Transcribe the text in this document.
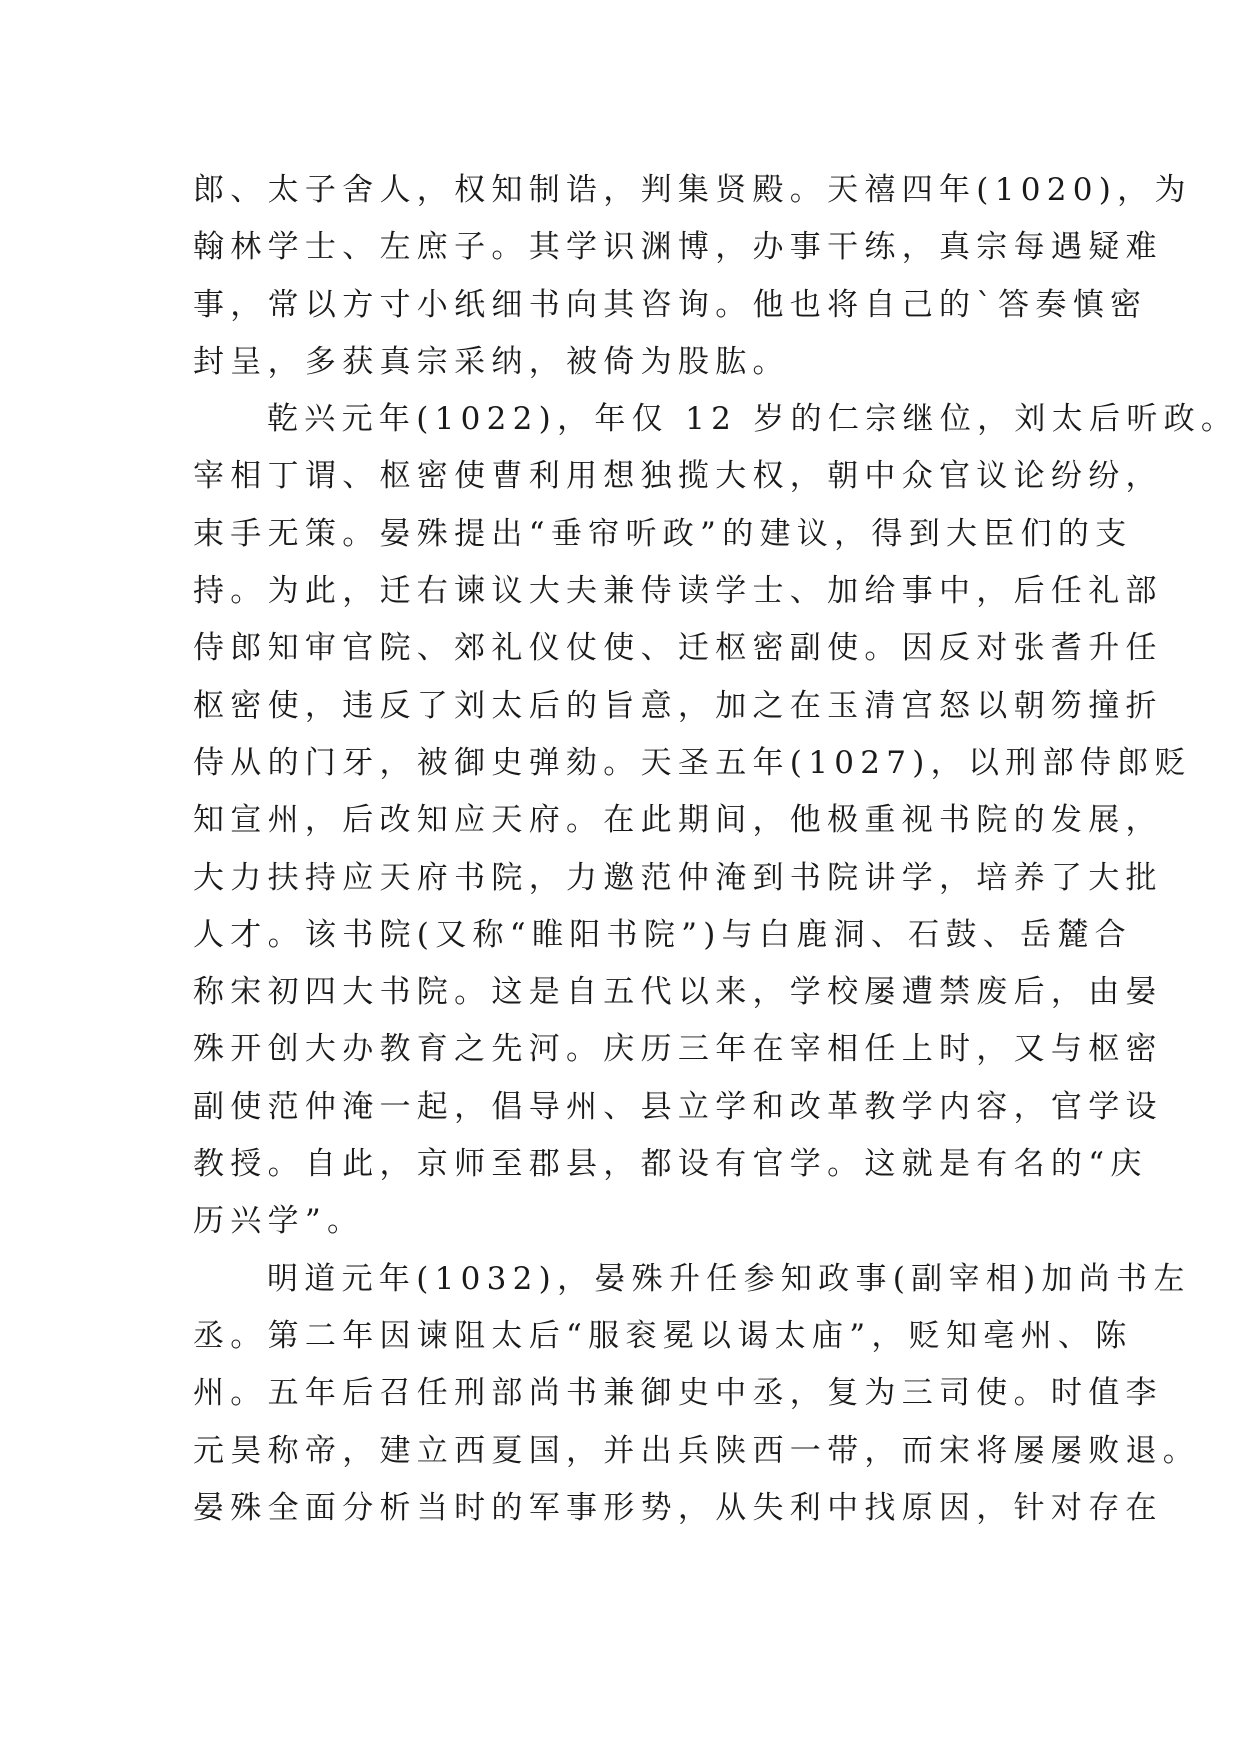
郎、太子舍人，权知制诰，判集贤殿。天禧四年(1020)，为
翰林学士、左庶子。其学识渊博，办事干练，真宗每遇疑难
事，常以方寸小纸细书向其咨询。他也将自己的`答奏慎密
封呈，多获真宗采纳，被倚为股肱。
乾兴元年(1022)，年仅 12 岁的仁宗继位，刘太后听政。
宰相丁谓、枢密使曹利用想独揽大权，朝中众官议论纷纷，
束手无策。晏殊提出“垂帘听政”的建议，得到大臣们的支
持。为此，迁右谏议大夫兼侍读学士、加给事中，后任礼部
侍郎知审官院、郊礼仪仗使、迁枢密副使。因反对张耆升任
枢密使，违反了刘太后的旨意，加之在玉清宫怒以朝笏撞折
侍从的门牙，被御史弹劾。天圣五年(1027)，以刑部侍郎贬
知宣州，后改知应天府。在此期间，他极重视书院的发展，
大力扶持应天府书院，力邀范仲淹到书院讲学，培养了大批
人才。该书院(又称“睢阳书院”)与白鹿洞、石鼓、岳麓合
称宋初四大书院。这是自五代以来，学校屡遭禁废后，由晏
殊开创大办教育之先河。庆历三年在宰相任上时，又与枢密
副使范仲淹一起，倡导州、县立学和改革教学内容，官学设
教授。自此，京师至郡县，都设有官学。这就是有名的“庆
历兴学”。
明道元年(1032)，晏殊升任参知政事(副宰相)加尚书左
丞。第二年因谏阻太后“服衮冕以谒太庙”，贬知亳州、陈
州。五年后召任刑部尚书兼御史中丞，复为三司使。时值李
元昊称帝，建立西夏国，并出兵陕西一带，而宋将屡屡败退。
晏殊全面分析当时的军事形势，从失利中找原因，针对存在
